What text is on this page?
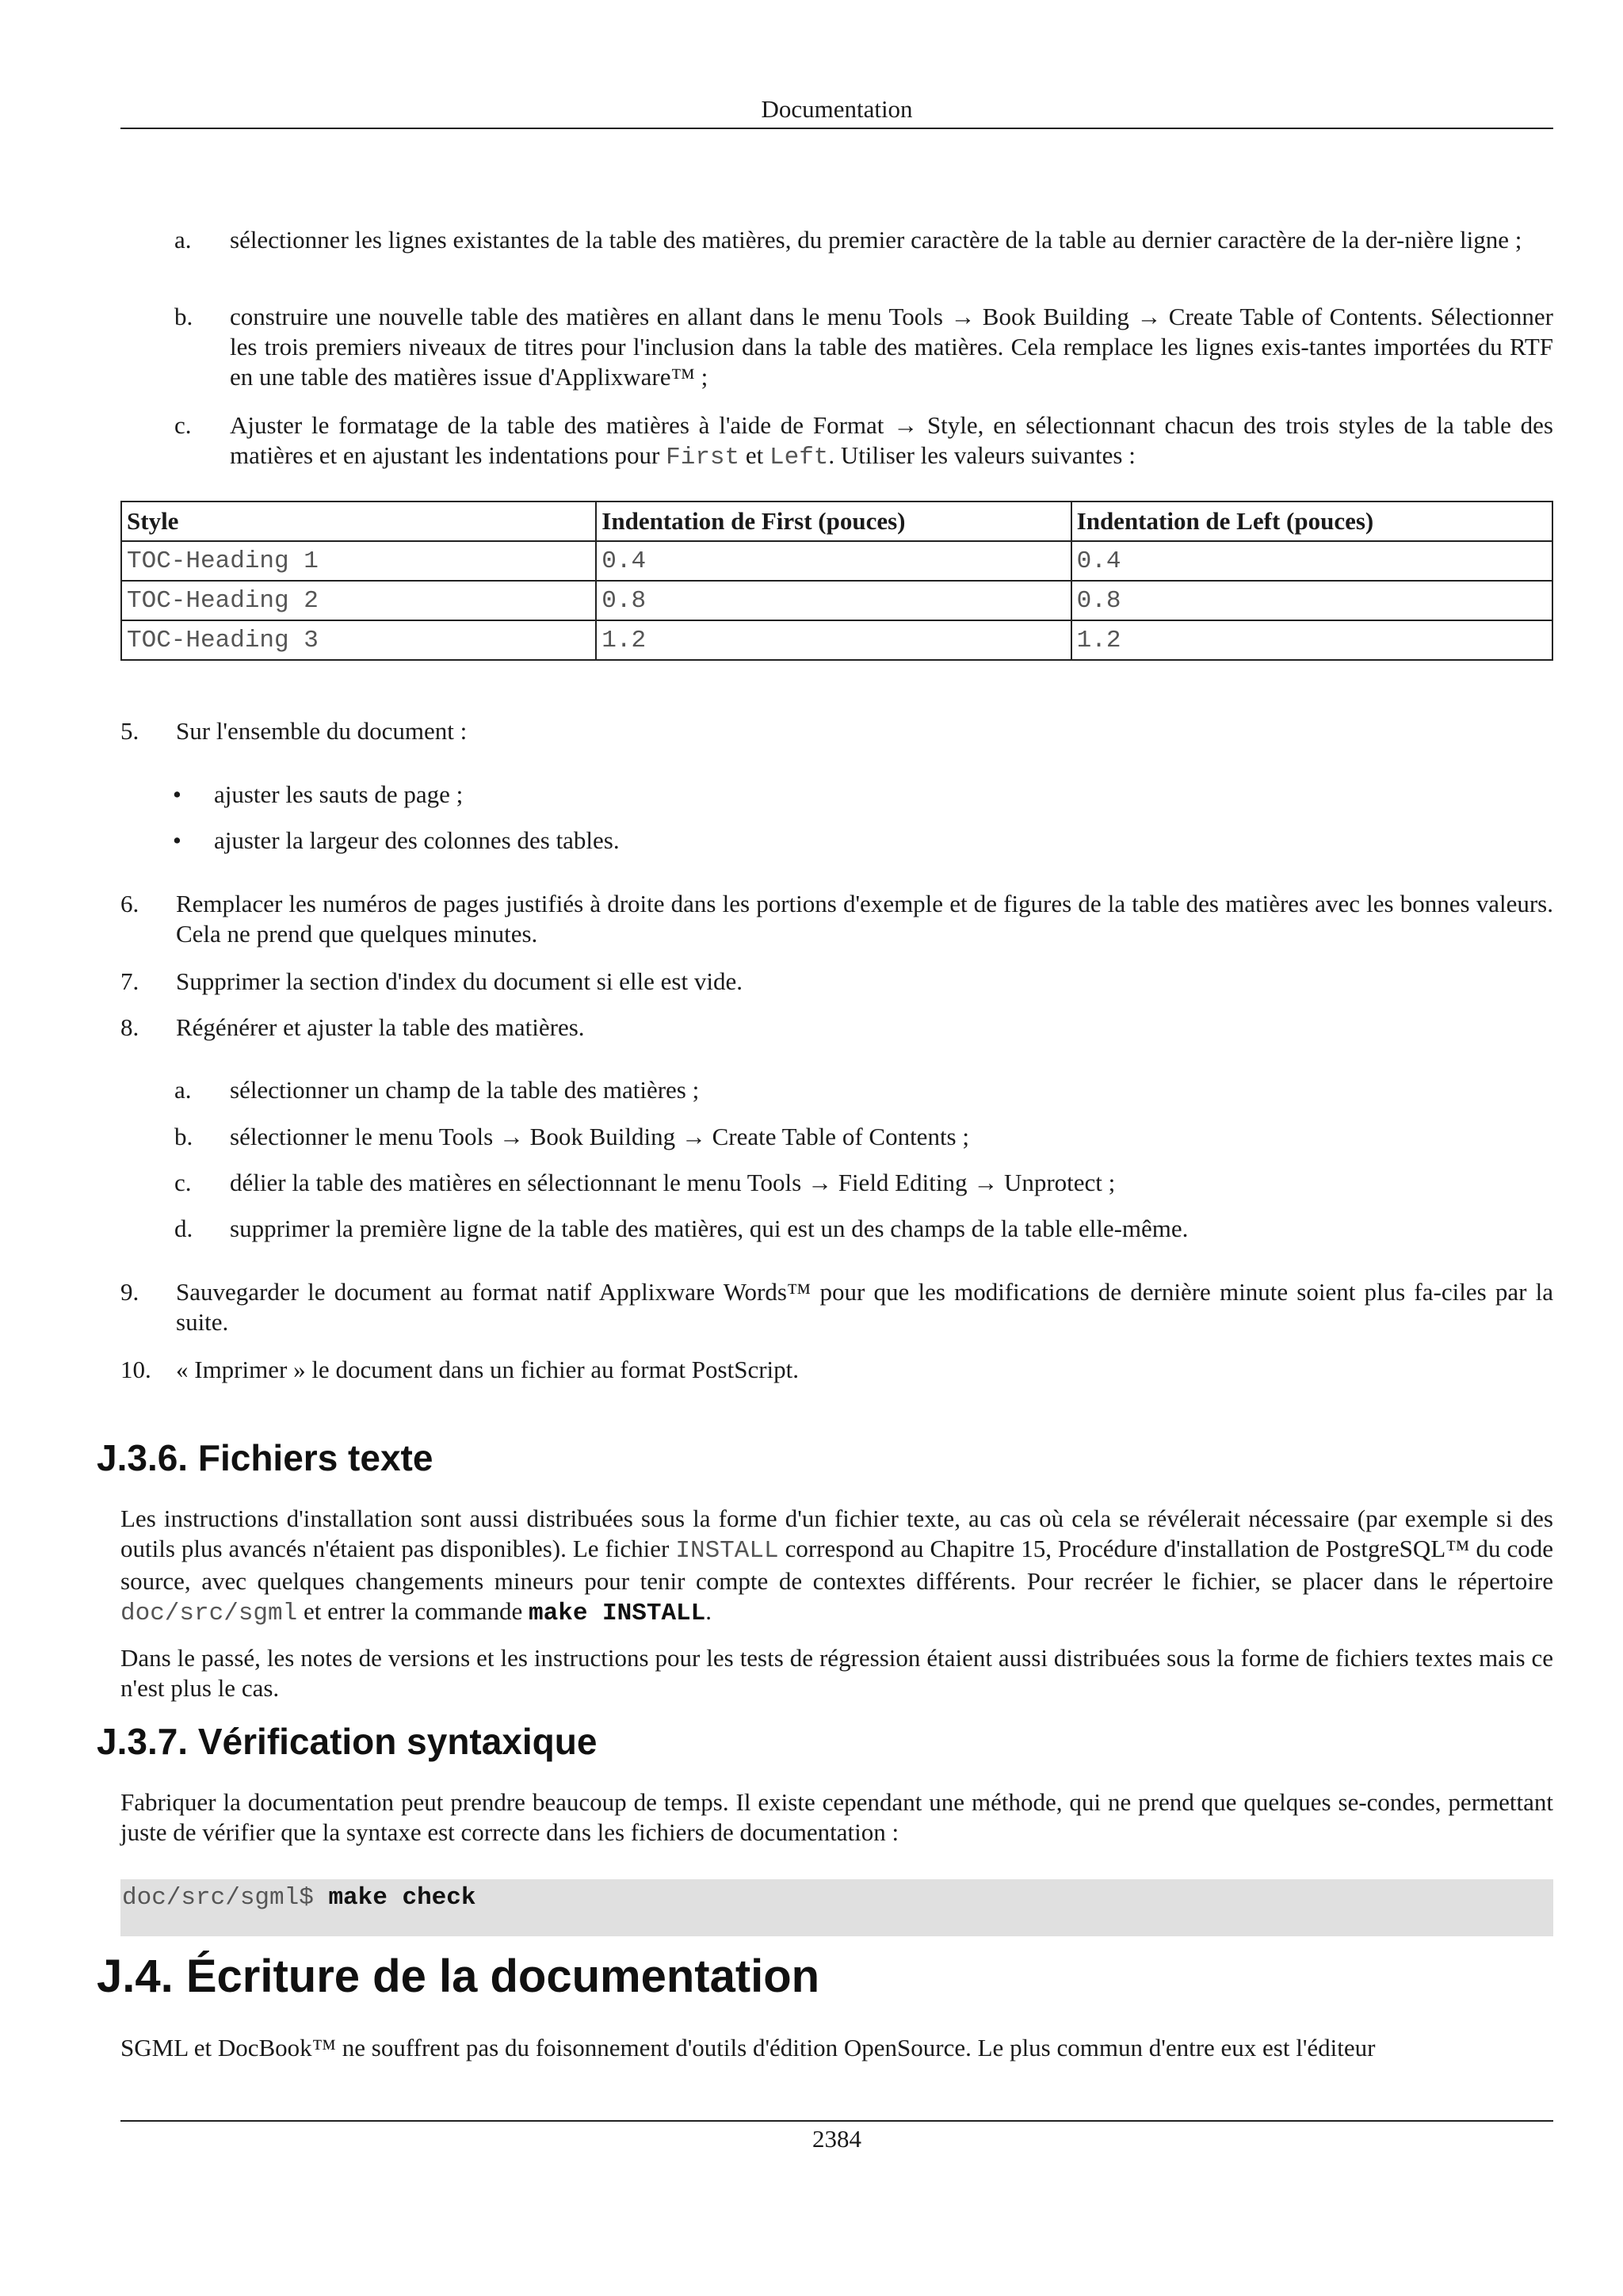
Documentation
a.	sélectionner les lignes existantes de la table des matières, du premier caractère de la table au dernier caractère de la der-nière ligne ;
b.	construire une nouvelle table des matières en allant dans le menu Tools → Book Building → Create Table of Contents. Sélectionner les trois premiers niveaux de titres pour l'inclusion dans la table des matières. Cela remplace les lignes exis-tantes importées du RTF en une table des matières issue d'Applixware™ ;
c.	Ajuster le formatage de la table des matières à l'aide de Format → Style, en sélectionnant chacun des trois styles de la table des matières et en ajustant les indentations pour First et Left. Utiliser les valeurs suivantes :
Style	Indentation de First (pouces)	Indentation de Left (pouces)
TOC-Heading 1	0.4	0.4
TOC-Heading 2	0.8	0.8
TOC-Heading 3	1.2	1.2
5.	Sur l'ensemble du document :
•	ajuster les sauts de page ;
•	ajuster la largeur des colonnes des tables.
6.	Remplacer les numéros de pages justifiés à droite dans les portions d'exemple et de figures de la table des matières avec les bonnes valeurs. Cela ne prend que quelques minutes.
7.	Supprimer la section d'index du document si elle est vide.
8.	Régénérer et ajuster la table des matières.
a.	sélectionner un champ de la table des matières ;
b.	sélectionner le menu Tools → Book Building → Create Table of Contents ;
c.	délier la table des matières en sélectionnant le menu Tools → Field Editing → Unprotect ;
d.	supprimer la première ligne de la table des matières, qui est un des champs de la table elle-même.
9.	Sauvegarder le document au format natif Applixware Words™ pour que les modifications de dernière minute soient plus fa-ciles par la suite.
10.	« Imprimer » le document dans un fichier au format PostScript.
J.3.6. Fichiers texte
Les instructions d'installation sont aussi distribuées sous la forme d'un fichier texte, au cas où cela se révélerait nécessaire (par exemple si des outils plus avancés n'étaient pas disponibles). Le fichier INSTALL correspond au Chapitre 15, Procédure d'installation de PostgreSQL™ du code source, avec quelques changements mineurs pour tenir compte de contextes différents. Pour recréer le fichier, se placer dans le répertoire doc/src/sgml et entrer la commande make INSTALL.
Dans le passé, les notes de versions et les instructions pour les tests de régression étaient aussi distribuées sous la forme de fichiers textes mais ce n'est plus le cas.
J.3.7. Vérification syntaxique
Fabriquer la documentation peut prendre beaucoup de temps. Il existe cependant une méthode, qui ne prend que quelques se-condes, permettant juste de vérifier que la syntaxe est correcte dans les fichiers de documentation :
doc/src/sgml$ make check
J.4. Écriture de la documentation
SGML et DocBook™ ne souffrent pas du foisonnement d'outils d'édition OpenSource. Le plus commun d'entre eux est l'éditeur
2384
